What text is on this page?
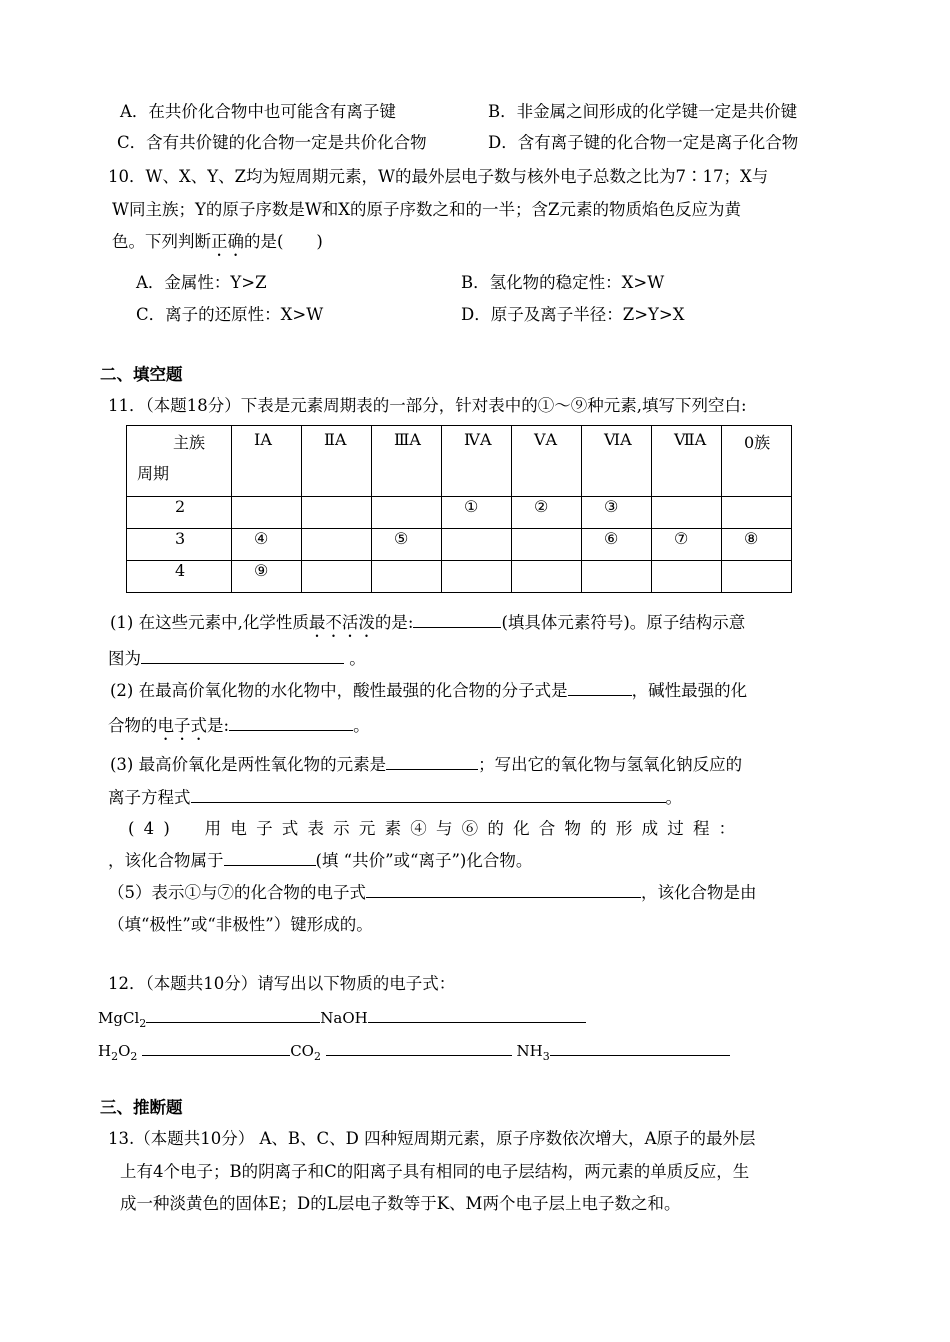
A．在共价化合物中也可能含有离子键	B．非金属之间形成的化学键一定是共价键
C．含有共价键的化合物一定是共价化合物	D．含有离子键的化合物一定是离子化合物
10．W、X、Y、Z均为短周期元素，W的最外层电子数与核外电子总数之比为7∶17；X与
W同主族；Y的原子序数是W和X的原子序数之和的一半；含Z元素的物质焰色反应为黄
色。下列判断正确的是(　　)
A．金属性：Y>Z	B．氢化物的稳定性：X>W
C．离子的还原性：X>W	D．原子及离子半径：Z>Y>X
二、填空题
11．（本题18分）下表是元素周期表的一部分，针对表中的①～⑨种元素,填写下列空白:
主族
周期	ⅠA	ⅡA	ⅢA	ⅣA	ⅤA	ⅥA	ⅦA	0族

2				①	②	③		

3	④		⑤			⑥	⑦	⑧

4	⑨							

(1) 在这些元素中,化学性质最不活泼的是:	(填具体元素符号)。原子结构示意
图为	。
(2) 在最高价氧化物的水化物中，酸性最强的化合物的分子式是	，碱性最强的化
合物的电子式是:	。
(3) 最高价氧化是两性氧化物的元素是	；写出它的氧化物与氢氧化钠反应的
离子方程式	。
(4)　用电子式表示元素④与⑥的化合物的形成过程：
，该化合物属于	(填 “共价”或“离子”)化合物。
（5）表示①与⑦的化合物的电子式	，该化合物是由
（填“极性”或“非极性”）键形成的。
12．（本题共10分）请写出以下物质的电子式：
MgCl$_2$	NaOH
$H_2O_2$	$CO_2$	$NH_3$
三、推断题
13.（本题共10分） A、B、C、D 四种短周期元素，原子序数依次增大，A原子的最外层
上有4个电子；B的阴离子和C的阳离子具有相同的电子层结构，两元素的单质反应，生
成一种淡黄色的固体E；D的L层电子数等于K、M两个电子层上电子数之和。
